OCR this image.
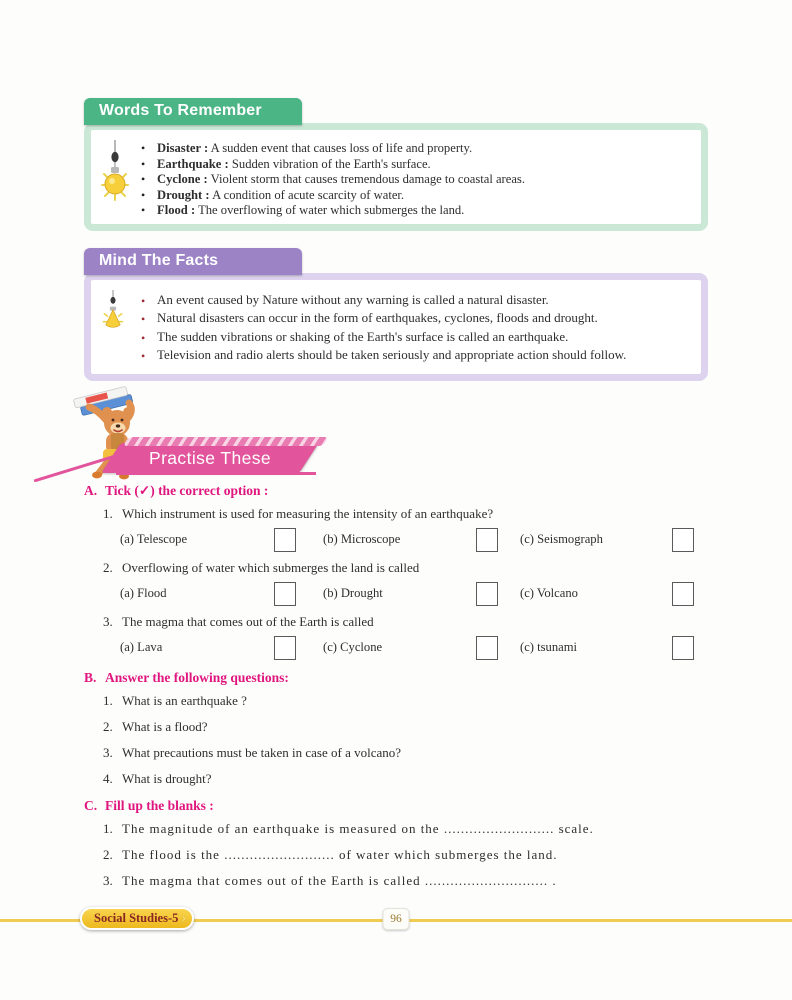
Words To Remember
• Disaster : A sudden event that causes loss of life and property.
• Earthquake : Sudden vibration of the Earth's surface.
• Cyclone : Violent storm that causes tremendous damage to coastal areas.
• Drought : A condition of acute scarcity of water.
• Flood : The overflowing of water which submerges the land.
Mind The Facts
• An event caused by Nature without any warning is called a natural disaster.
• Natural disasters can occur in the form of earthquakes, cyclones, floods and drought.
• The sudden vibrations or shaking of the Earth's surface is called an earthquake.
• Television and radio alerts should be taken seriously and appropriate action should follow.
Practise These
A. Tick (✓) the correct option :
1. Which instrument is used for measuring the intensity of an earthquake?
(a) Telescope	(b) Microscope	(c) Seismograph
2. Overflowing of water which submerges the land is called
(a) Flood	(b) Drought	(c) Volcano
3. The magma that comes out of the Earth is called
(a) Lava	(c) Cyclone	(c) tsunami
B. Answer the following questions:
1. What is an earthquake ?
2. What is a flood?
3. What precautions must be taken in case of a volcano?
4. What is drought?
C. Fill up the blanks :
1. The magnitude of an earthquake is measured on the .......................... scale.
2. The flood is the .......................... of water which submerges the land.
3. The magma that comes out of the Earth is called ............................. .
Social Studies-5 ›	96
